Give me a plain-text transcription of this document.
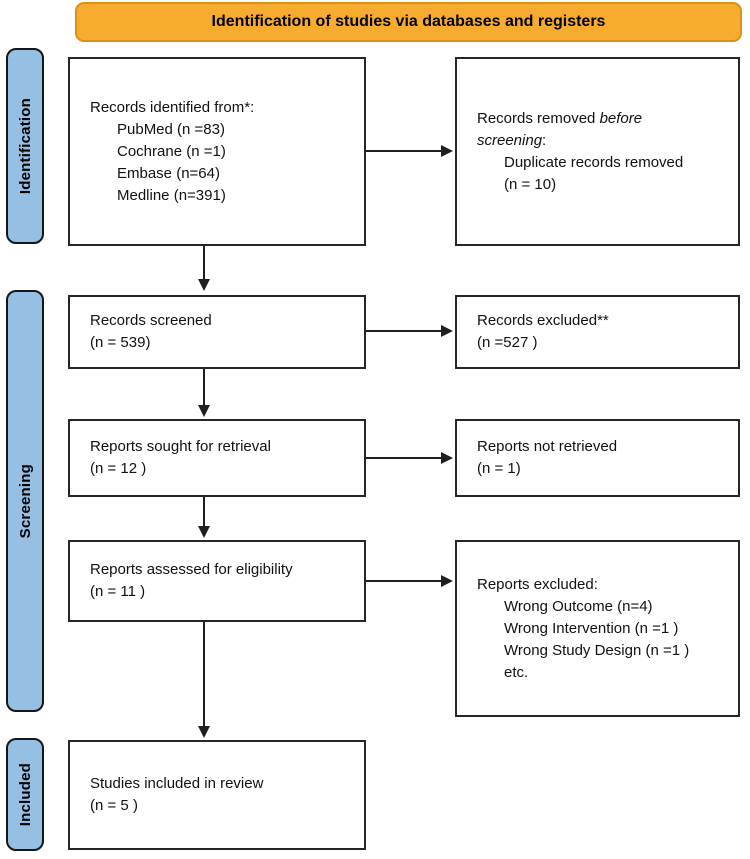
Identification of studies via databases and registers
Identification
Screening
Included
Records identified from*:
PubMed (n =83)
Cochrane (n =1)
Embase (n=64)
Medline (n=391)
Records removed before
screening:
Duplicate records removed
(n = 10)
Records screened
(n = 539)
Records excluded**
(n =527 )
Reports sought for retrieval
(n = 12 )
Reports not retrieved
(n = 1)
Reports assessed for eligibility
(n = 11 )	Reports excluded:
Wrong Outcome (n=4)
Wrong Intervention (n =1 )
Wrong Study Design (n =1 )
etc.
Studies included in review
(n = 5 )
